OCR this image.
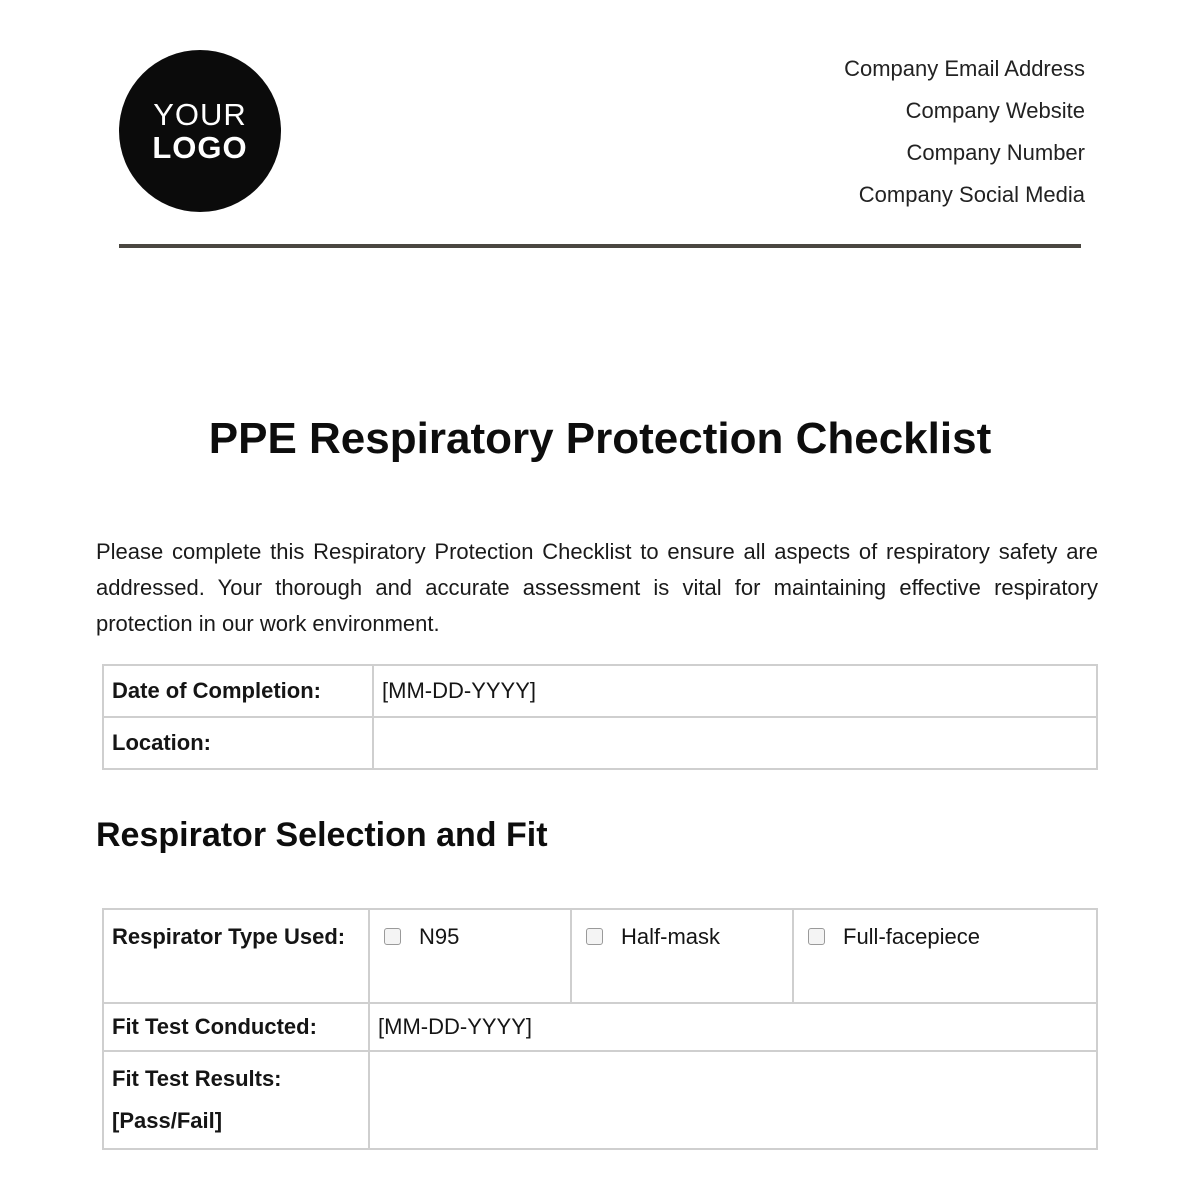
YOUR
LOGO
Company Email Address
Company Website
Company Number
Company Social Media
PPE Respiratory Protection Checklist

Please complete this Respiratory Protection Checklist to ensure all aspects of respiratory safety are addressed. Your thorough and accurate assessment is vital for maintaining effective respiratory protection in our work environment.

Date of Completion:	[MM-DD-YYYY]
Location:	
Respirator Selection and Fit
Respirator Type Used:	N95	Half-mask	Full-facepiece
Fit Test Conducted:	[MM-DD-YYYY]		
Fit Test Results: [Pass/Fail]			
